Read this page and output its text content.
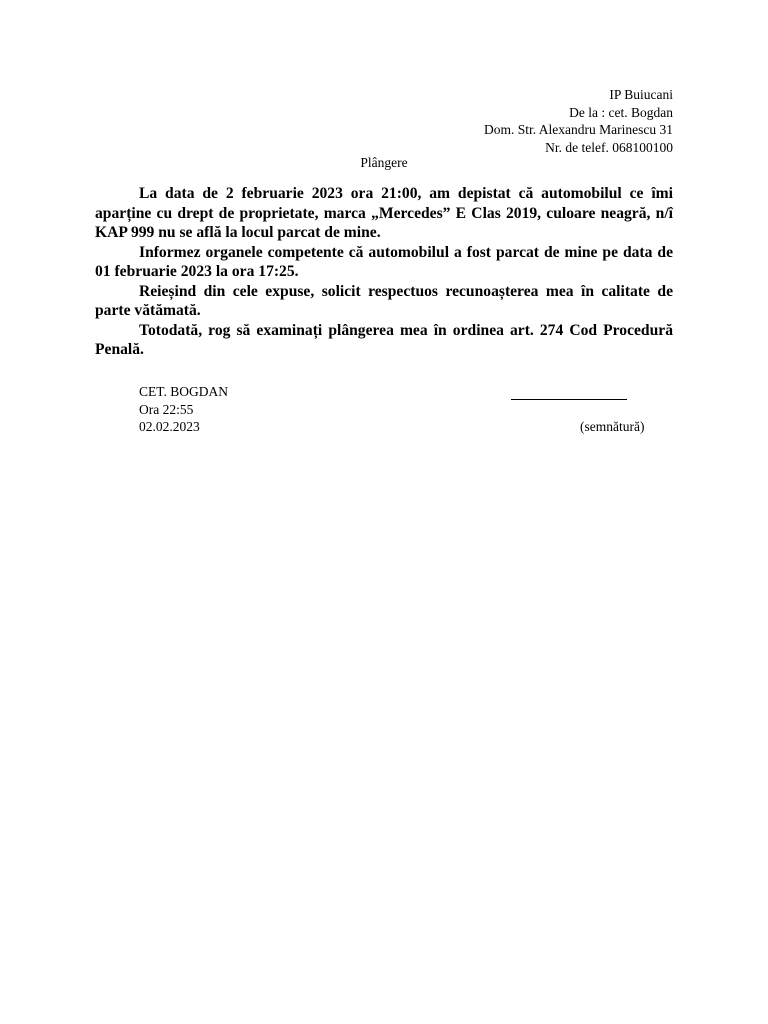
IP Buiucani
De la : cet. Bogdan
Dom. Str. Alexandru Marinescu 31
Nr. de telef. 068100100
Plângere

La data de 2 februarie 2023 ora 21:00, am depistat că automobilul ce îmi aparține cu drept de proprietate, marca „Mercedes” E Clas 2019, culoare neagră, n/î KAP 999 nu se află la locul parcat de mine.

Informez organele competente că automobilul a fost parcat de mine pe data de 01 februarie 2023 la ora 17:25.

Reieșind din cele expuse, solicit respectuos recunoașterea mea în calitate de parte vătămată.

Totodată, rog să examinați plângerea mea în ordinea art. 274 Cod Procedură Penală.

CET. BOGDAN
Ora 22:55
02.02.2023	(semnătură)
